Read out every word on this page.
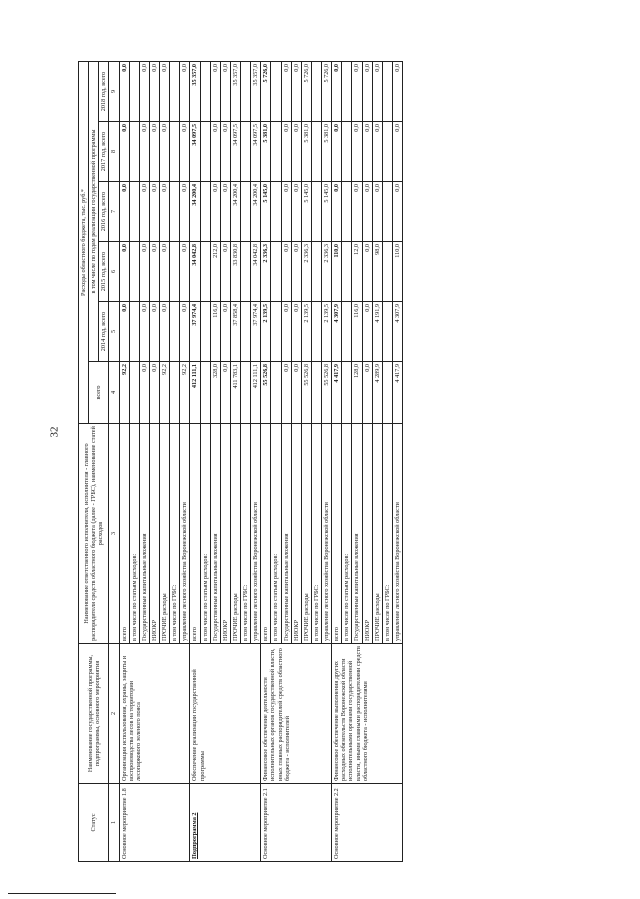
32
Статус	Наименование государственной программы, подпрограммы, основного мероприятия	Наименование ответственного исполнителя, исполнителя - главного распорядителя средств областного бюджета (далее - ГРБС), наименование статей расходов	Расходы областного бюджета, тыс. руб.*					
			всего	в том числе по годам реализации государственной программы				
				2014 год, всего	2015 год, всего	2016 год, всего	2017 год, всего	2018 год, всего
1	2	3	4	5	6	7	8	9
Основное мероприятие 1.8	Организация использования, охраны, защиты и воспроизводства лесов на территории лесопаркового зеленого пояса	всего	92,2	0,0	0,0	0,0	0,0	0,0
		в том числе по статьям расходов:						
		Государственные капитальные вложения	0,0	0,0	0,0	0,0	0,0	0,0
		НИОКР	0,0	0,0	0,0	0,0	0,0	0,0
		ПРОЧИЕ расходы	92,2	0,0	0,0	0,0	0,0	0,0
		в том числе по ГРБС:						
		управление лесного хозяйства Воронежской области	92,2	0,0	0,0	0,0	0,0	0,0
Подпрограмма 2	Обеспечение реализации государственной программы	всего	412 111,1	37 974,4	34 042,8	34 200,4	34 097,5	35 357,0
		в том числе по статьям расходов:						
		Государственные капитальные вложения	328,0	116,0	212,0	0,0	0,0	0,0
		НИОКР	0,0	0,0	0,0	0,0	0,0	0,0
		ПРОЧИЕ расходы	411 783,1	37 858,4	33 830,8	34 200,4	34 097,5	35 357,0
		в том числе по ГРБС:						
		управление лесного хозяйства Воронежской области	412 111,1	37 974,4	34 042,8	34 200,4	34 097,5	35 357,0
Основное мероприятие 2.1	Финансовое обеспечение деятельности исполнительных органов государственной власти, иных главных распорядителей средств областного бюджета - исполнителей	всего	55 526,8	2 139,5	2 336,3	5 145,0	5 381,0	5 726,0
		в том числе по статьям расходов:						
		Государственные капитальные вложения	0,0	0,0	0,0	0,0	0,0	0,0
		НИОКР	0,0	0,0	0,0	0,0	0,0	0,0
		ПРОЧИЕ расходы	55 526,8	2 139,5	2 336,3	5 145,0	5 381,0	5 726,0
		в том числе по ГРБС:						
		управление лесного хозяйства Воронежской области	55 526,8	2 139,5	2 336,3	5 145,0	5 381,0	5 726,0
Основное мероприятие 2.2	Финансовое обеспечение выполнения других расходных обязательств Воронежской области исполнительными органами государственной власти, иными главными распорядителями средств областного бюджета - исполнителями	всего	4 417,9	4 307,9	110,0	0,0	0,0	0,0
		в том числе по статьям расходов:						
		Государственные капитальные вложения	128,0	116,0	12,0	0,0	0,0	0,0
		НИОКР	0,0	0,0	0,0	0,0	0,0	0,0
		ПРОЧИЕ расходы	4 289,9	4 191,9	98,0	0,0	0,0	0,0
		в том числе по ГРБС:						
		управление лесного хозяйства Воронежской области	4 417,9	4 307,9	110,0	0,0	0,0	0,0
